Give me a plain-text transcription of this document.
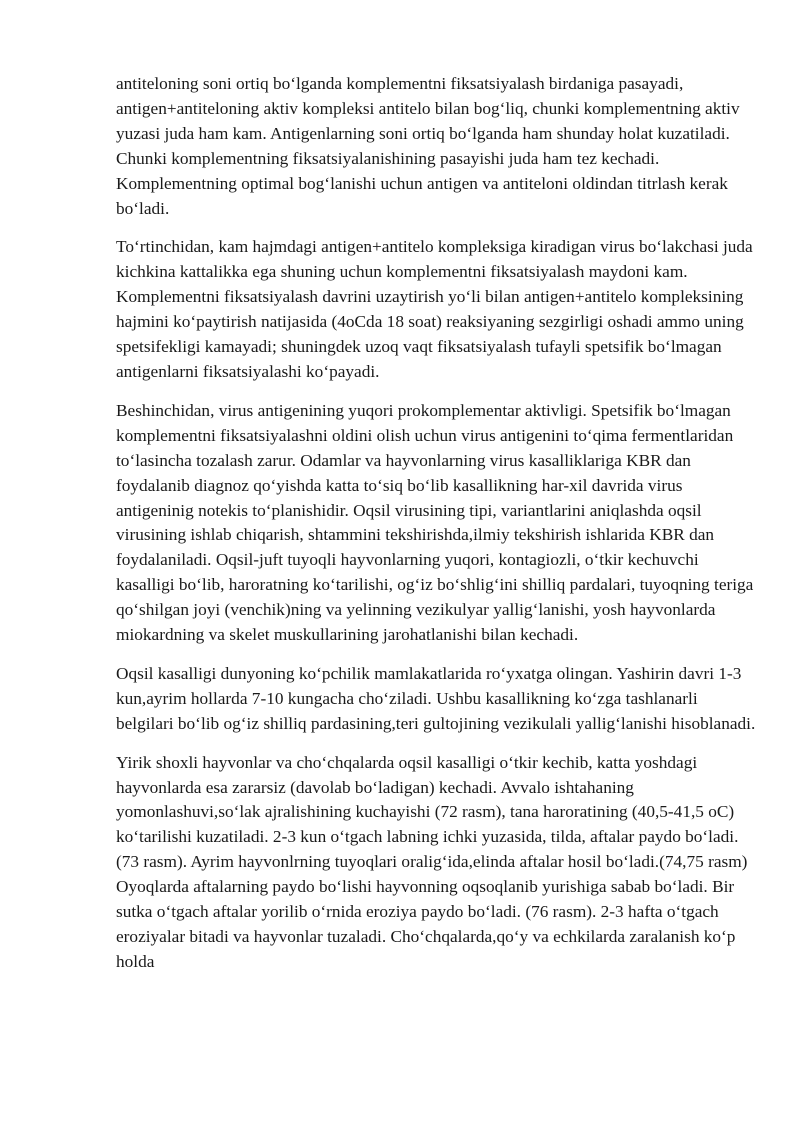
antiteloning soni ortiq bo‘lganda komplementni fiksatsiyalash birdaniga pasayadi, antigen+antiteloning aktiv kompleksi antitelo bilan bog‘liq, chunki komplementning aktiv yuzasi juda ham kam. Antigenlarning soni ortiq bo‘lganda ham shunday holat kuzatiladi. Chunki komplementning fiksatsiyalanishining pasayishi juda ham tez kechadi. Komplementning optimal bog‘lanishi uchun antigen va antiteloni oldindan titrlash kerak bo‘ladi.

To‘rtinchidan, kam hajmdagi antigen+antitelo kompleksiga kiradigan virus bo‘lakchasi juda kichkina kattalikka ega shuning uchun komplementni fiksatsiyalash maydoni kam. Komplementni fiksatsiyalash davrini uzaytirish yo‘li bilan antigen+antitelo kompleksining hajmini ko‘paytirish natijasida (4oCda 18 soat) reaksiyaning sezgirligi oshadi ammo uning spetsifekligi kamayadi; shuningdek uzoq vaqt fiksatsiyalash tufayli spetsifik bo‘lmagan antigenlarni fiksatsiyalashi ko‘payadi.

Beshinchidan, virus antigenining yuqori prokomplementar aktivligi. Spetsifik bo‘lmagan komplementni fiksatsiyalashni oldini olish uchun virus antigenini to‘qima fermentlaridan to‘lasincha tozalash zarur. Odamlar va hayvonlarning virus kasalliklariga KBR dan foydalanib diagnoz qo‘yishda katta to‘siq bo‘lib kasallikning har-xil davrida virus antigeninig notekis to‘planishidir. Oqsil virusining tipi, variantlarini aniqlashda oqsil virusining ishlab chiqarish, shtammini tekshirishda,ilmiy tekshirish ishlarida KBR dan foydalaniladi. Oqsil-juft tuyoqli hayvonlarning yuqori, kontagiozli, o‘tkir kechuvchi kasalligi bo‘lib, haroratning ko‘tarilishi, og‘iz bo‘shlig‘ini shilliq pardalari, tuyoqning teriga qo‘shilgan joyi (venchik)ning va yelinning vezikulyar yallig‘lanishi, yosh hayvonlarda miokardning va skelet muskullarining jarohatlanishi bilan kechadi.

Oqsil kasalligi dunyoning ko‘pchilik mamlakatlarida ro‘yxatga olingan. Yashirin davri 1-3 kun,ayrim hollarda 7-10 kungacha cho‘ziladi. Ushbu kasallikning ko‘zga tashlanarli belgilari bo‘lib og‘iz shilliq pardasining,teri gultojining vezikulali yallig‘lanishi hisoblanadi.

Yirik shoxli hayvonlar va cho‘chqalarda oqsil kasalligi o‘tkir kechib, katta yoshdagi hayvonlarda esa zararsiz (davolab bo‘ladigan) kechadi. Avvalo ishtahaning yomonlashuvi,so‘lak ajralishining kuchayishi (72 rasm), tana haroratining (40,5-41,5 oC) ko‘tarilishi kuzatiladi. 2-3 kun o‘tgach labning ichki yuzasida, tilda, aftalar paydo bo‘ladi. (73 rasm). Ayrim hayvonlrning tuyoqlari oralig‘ida,elinda aftalar hosil bo‘ladi.(74,75 rasm) Oyoqlarda aftalarning paydo bo‘lishi hayvonning oqsoqlanib yurishiga sabab bo‘ladi. Bir sutka o‘tgach aftalar yorilib o‘rnida eroziya paydo bo‘ladi. (76 rasm). 2-3 hafta o‘tgach eroziyalar bitadi va hayvonlar tuzaladi. Cho‘chqalarda,qo‘y va echkilarda zaralanish ko‘p holda
